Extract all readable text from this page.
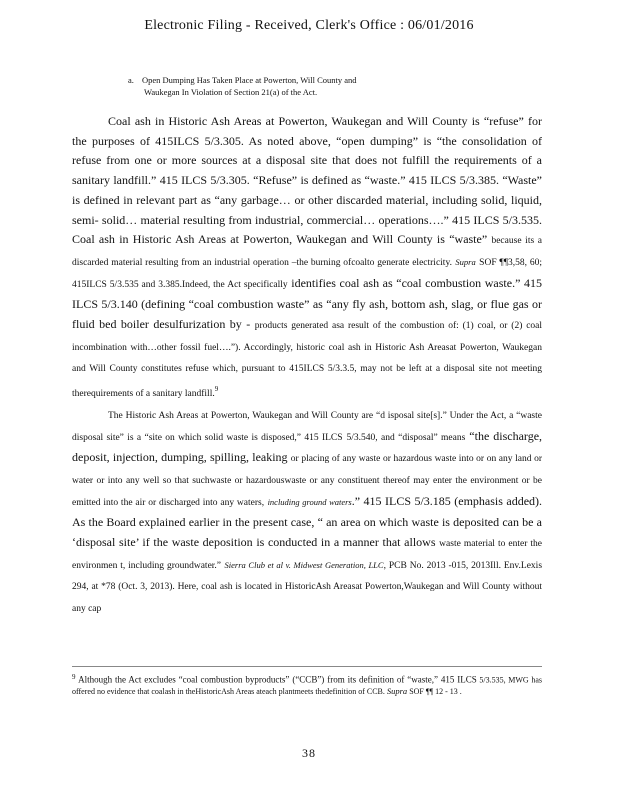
Electronic Filing - Received, Clerk's Office : 06/01/2016
a. Open Dumping Has Taken Place at Powerton, Will County and
Waukegan In Violation of Section 21(a) of the Act.

Coal ash in Historic Ash Areas at Powerton, Waukegan and Will County is “refuse” for the purposes of 415ILCS 5/3.305. As noted above, “open dumping” is “the consolidation of refuse from one or more sources at a disposal site that does not fulfill the requirements of a sanitary landfill.” 415 ILCS 5/3.305. “Refuse” is defined as “waste.” 415 ILCS 5/3.385. “Waste” is defined in relevant part as “any garbage… or other discarded material, including solid, liquid, semi- solid… material resulting from industrial, commercial… operations….” 415 ILCS 5/3.535. Coal ash in Historic Ash Areas at Powerton, Waukegan and Will County is “waste” because its a discarded material resulting from an industrial operation –the burning ofcoalto generate electricity. Supra SOF ¶¶3,58, 60; 415ILCS 5/3.535 and 3.385.Indeed, the Act specifically identifies coal ash as “coal combustion waste.” 415 ILCS 5/3.140 (defining “coal combustion waste” as “any fly ash, bottom ash, slag, or flue gas or fluid bed boiler desulfurization by - products generated asa result of the combustion of: (1) coal, or (2) coal incombination with…other fossil fuel….”). Accordingly, historic coal ash in Historic Ash Areasat Powerton, Waukegan and Will County constitutes refuse which, pursuant to 415ILCS 5/3.3.5, may not be left at a disposal site not meeting therequirements of a sanitary landfill.$^9$

The Historic Ash Areas at Powerton, Waukegan and Will County are “d isposal site[s].” Under the Act, a “waste disposal site” is a “site on which solid waste is disposed,” 415 ILCS 5/3.540, and “disposal” means “the discharge, deposit, injection, dumping, spilling, leaking or placing of any waste or hazardous waste into or on any land or water or into any well so that suchwaste or hazardouswaste or any constituent thereof may enter the environment or be emitted into the air or discharged into any waters, including ground waters.” 415 ILCS 5/3.185 (emphasis added). As the Board explained earlier in the present case, “ an area on which waste is deposited can be a ‘disposal site’ if the waste deposition is conducted in a manner that allows waste material to enter the environmen t, including groundwater.” Sierra Club et al v. Midwest Generation, LLC, PCB No. 2013 -015, 2013Ill. Env.Lexis 294, at *78 (Oct. 3, 2013). Here, coal ash is located in HistoricAsh Areasat Powerton,Waukegan and Will County without any cap

9 Although the Act excludes “coal combustion byproducts” (“CCB”) from its definition of “waste,” 415 ILCS 5/3.535, MWG has offered no evidence that coalash in theHistoricAsh Areas ateach plantmeets thedefinition of CCB. Supra SOF ¶¶ 12 - 13 .
38
